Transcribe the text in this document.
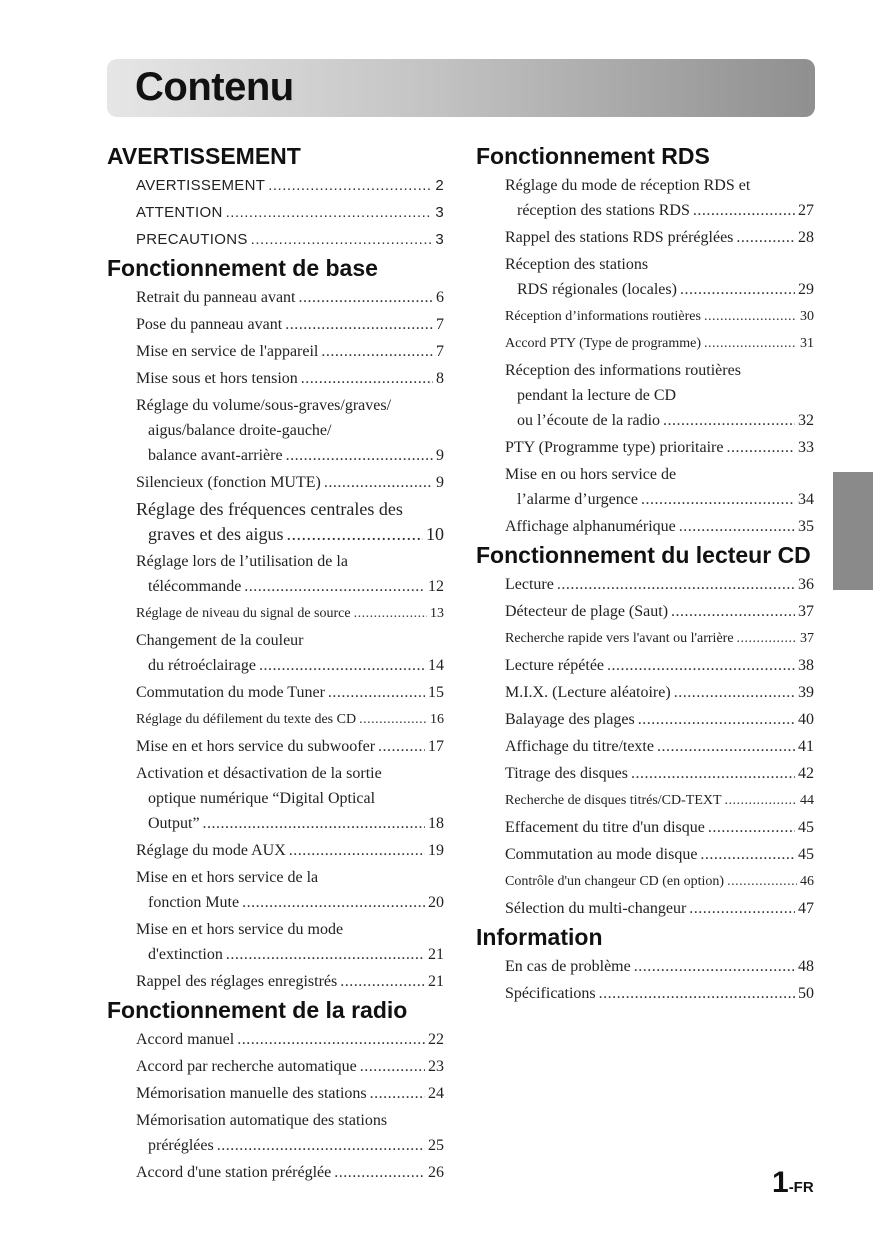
Contenu
AVERTISSEMENT
AVERTISSEMENT .....	2
ATTENTION .....	3
PRECAUTIONS .....	3
Fonctionnement de base
Retrait du panneau avant .....	6
Pose du panneau avant .....	7
Mise en service de l'appareil .....	7
Mise sous et hors tension .....	8
Réglage du volume/sous-graves/graves/
aigus/balance droite-gauche/
balance avant-arrière .....	9
Silencieux (fonction MUTE) .....	9
Réglage des fréquences centrales des
graves et des aigus .....	10
Réglage lors de l’utilisation de la
télécommande .....	12
Réglage de niveau du signal de source .....	13
Changement de la couleur
du rétroéclairage .....	14
Commutation du mode Tuner .....	15
Réglage du défilement du texte des CD .....	16
Mise en et hors service du subwoofer .....	17
Activation et désactivation de la sortie
optique numérique “Digital Optical
Output” .....	18
Réglage du mode AUX .....	19
Mise en et hors service de la
fonction Mute .....	20
Mise en et hors service du mode
d'extinction .....	21
Rappel des réglages enregistrés .....	21
Fonctionnement de la radio
Accord manuel .....	22
Accord par recherche automatique .....	23
Mémorisation manuelle des stations .....	24
Mémorisation automatique des stations
préréglées .....	25
Accord d'une station préréglée .....	26
Fonctionnement RDS
Réglage du mode de réception RDS et
réception des stations RDS .....	27
Rappel des stations RDS préréglées .....	28
Réception des stations
RDS régionales (locales) .....	29
Réception d’informations routières .....	30
Accord PTY (Type de programme) .....	31
Réception des informations routières
pendant la lecture de CD
ou l’écoute de la radio .....	32
PTY (Programme type) prioritaire .....	33
Mise en ou hors service de
l’alarme d’urgence .....	34
Affichage alphanumérique .....	35
Fonctionnement du lecteur CD
Lecture .....	36
Détecteur de plage (Saut) .....	37
Recherche rapide vers l'avant ou l'arrière .....	37
Lecture répétée .....	38
M.I.X. (Lecture aléatoire) .....	39
Balayage des plages .....	40
Affichage du titre/texte .....	41
Titrage des disques .....	42
Recherche de disques titrés/CD-TEXT .....	44
Effacement du titre d'un disque .....	45
Commutation au mode disque .....	45
Contrôle d'un changeur CD (en option) .....	46
Sélection du multi-changeur .....	47
Information
En cas de problème .....	48
Spécifications .....	50
1-FR
